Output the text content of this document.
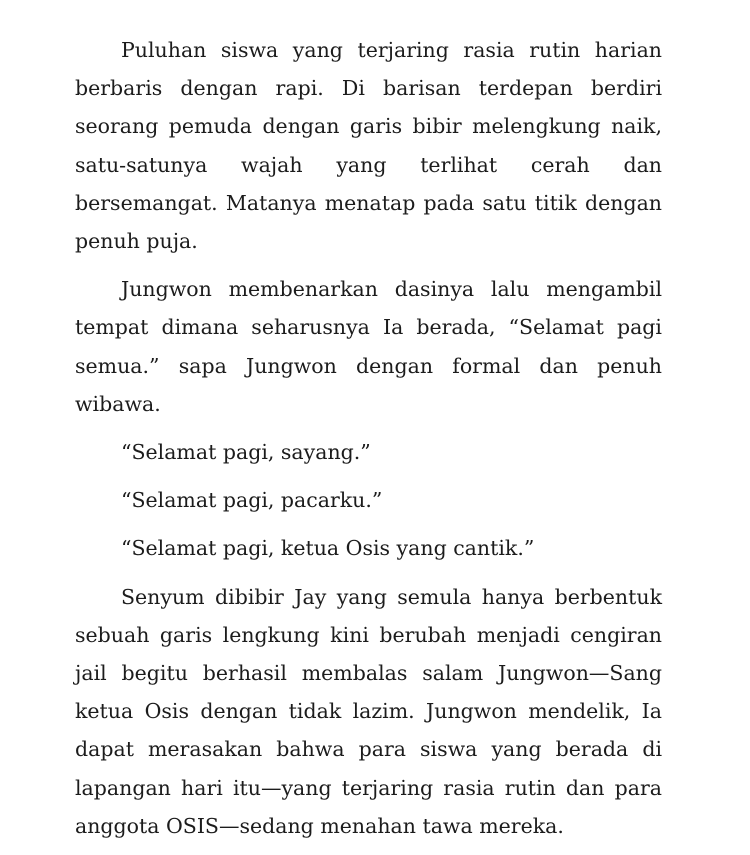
Puluhan siswa yang terjaring rasia rutin harian berbaris dengan rapi. Di barisan terdepan berdiri seorang pemuda dengan garis bibir melengkung naik, satu-satunya wajah yang terlihat cerah dan bersemangat. Matanya menatap pada satu titik dengan penuh puja.

Jungwon membenarkan dasinya lalu mengambil tempat dimana seharusnya Ia berada, “Selamat pagi semua.” sapa Jungwon dengan formal dan penuh wibawa.

“Selamat pagi, sayang.”

“Selamat pagi, pacarku.”

“Selamat pagi, ketua Osis yang cantik.”

Senyum dibibir Jay yang semula hanya berbentuk sebuah garis lengkung kini berubah menjadi cengiran jail begitu berhasil membalas salam Jungwon—Sang ketua Osis dengan tidak lazim. Jungwon mendelik, Ia dapat merasakan bahwa para siswa yang berada di lapangan hari itu—yang terjaring rasia rutin dan para anggota OSIS—sedang menahan tawa mereka.
